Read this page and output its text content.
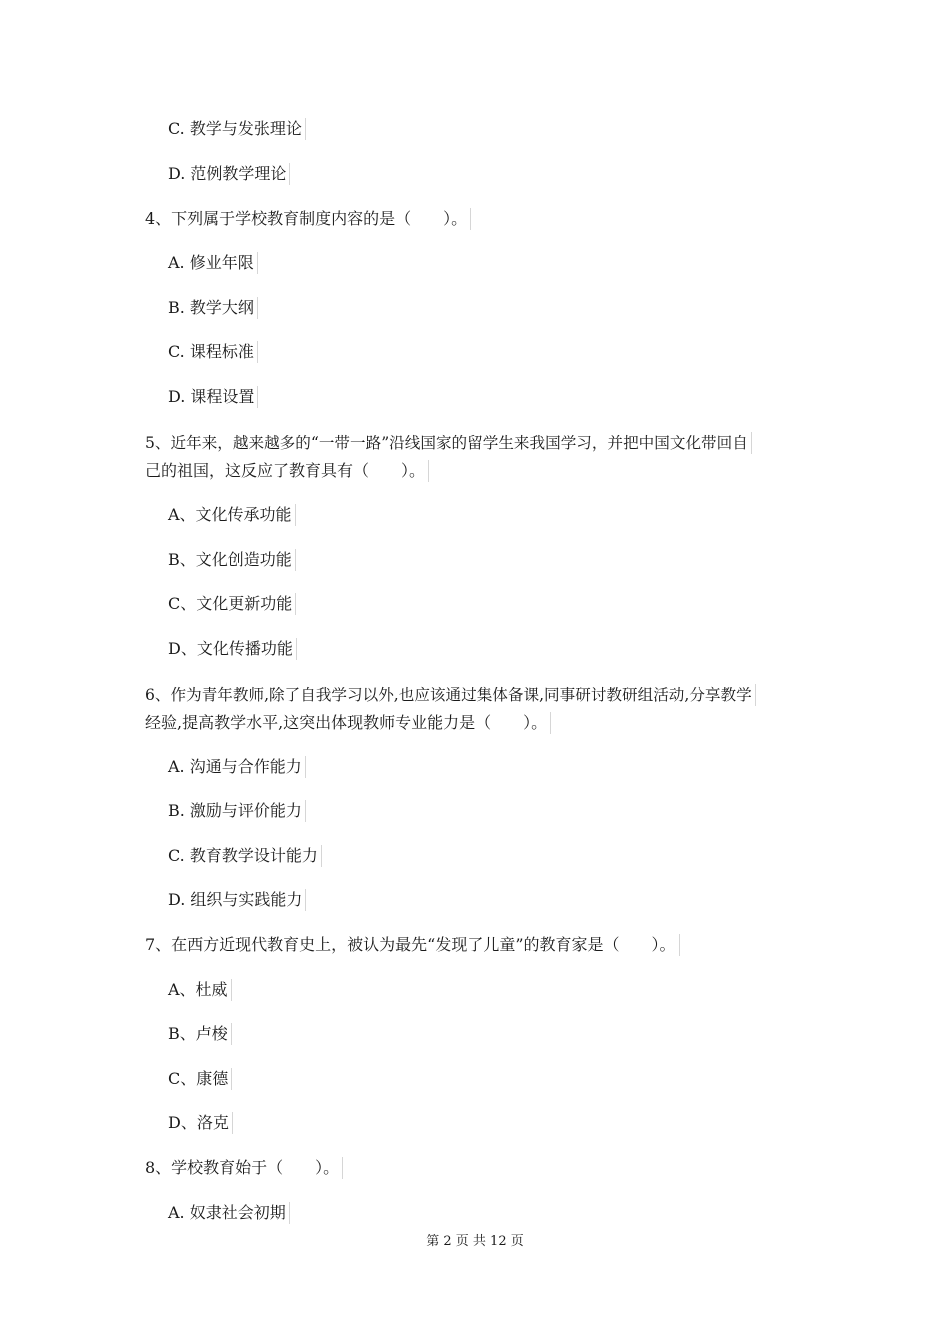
C. 教学与发张理论
D. 范例教学理论
4、下列属于学校教育制度内容的是（　　）。
A. 修业年限
B. 教学大纲
C. 课程标准
D. 课程设置
5、近年来，越来越多的“一带一路”沿线国家的留学生来我国学习，并把中国文化带回自
己的祖国，这反应了教育具有（　　）。
A、文化传承功能
B、文化创造功能
C、文化更新功能
D、文化传播功能
6、作为青年教师,除了自我学习以外,也应该通过集体备课,同事研讨教研组活动,分享教学
经验,提高教学水平,这突出体现教师专业能力是（　　）。
A. 沟通与合作能力
B. 激励与评价能力
C. 教育教学设计能力
D. 组织与实践能力
7、在西方近现代教育史上，被认为最先“发现了儿童”的教育家是（　　）。
A、杜威
B、卢梭
C、康德
D、洛克
8、学校教育始于（　　）。
A. 奴隶社会初期
第 2 页 共 12 页
